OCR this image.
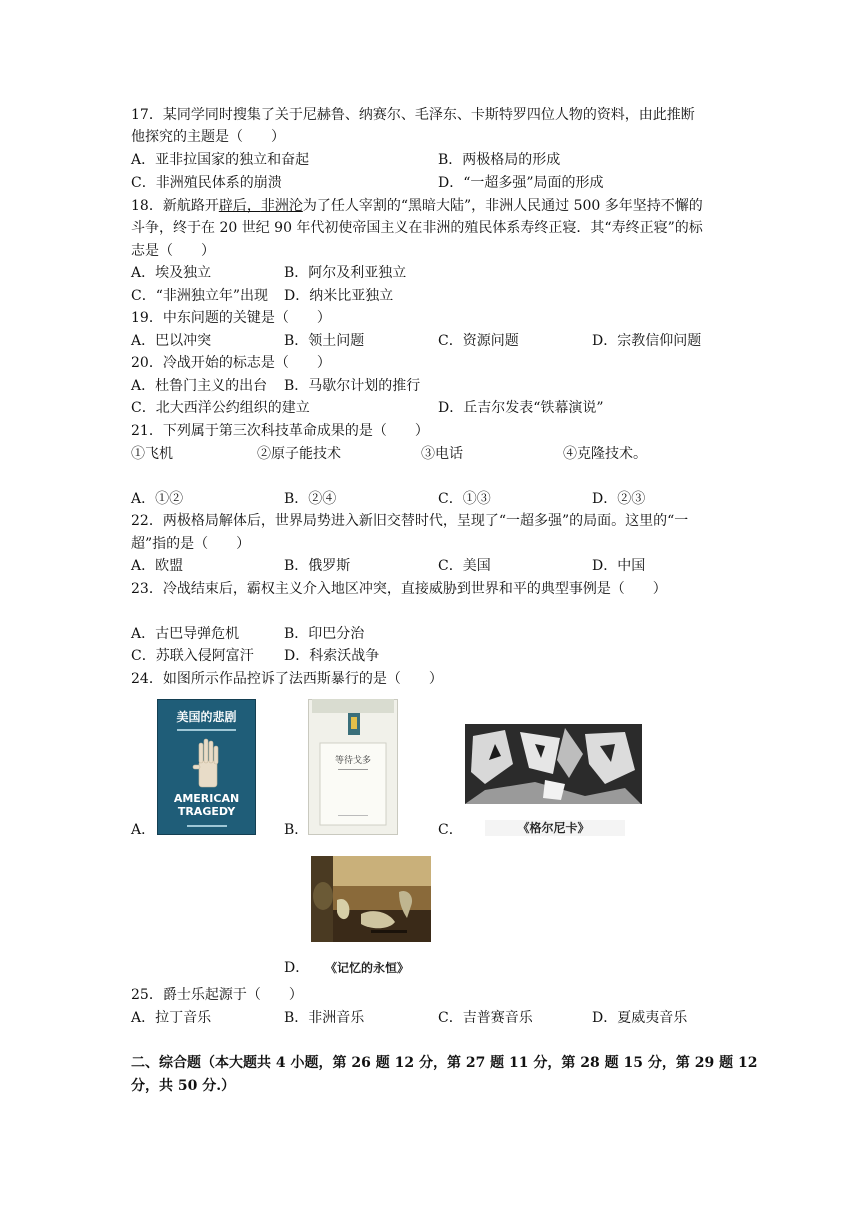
17．某同学同时搜集了关于尼赫鲁、纳赛尔、毛泽东、卡斯特罗四位人物的资料，由此推断
他探究的主题是（　　）
A．亚非拉国家的独立和奋起	B．两极格局的形成
C．非洲殖民体系的崩溃	D．“一超多强”局面的形成
18．新航路开辟后，非洲沦为了任人宰割的“黑暗大陆”，非洲人民通过 500 多年坚持不懈的
斗争，终于在 20 世纪 90 年代初使帝国主义在非洲的殖民体系寿终正寝．其“寿终正寝”的标
志是（　　）
A．埃及独立	B．阿尔及利亚独立
C．“非洲独立年”出现 D．纳米比亚独立
19．中东问题的关键是（　　）
A．巴以冲突	B．领土问题	C．资源问题	D．宗教信仰问题
20．冷战开始的标志是（　　）
A．杜鲁门主义的出台 B．马歇尔计划的推行
C．北大西洋公约组织的建立	D．丘吉尔发表“铁幕演说”
21．下列属于第三次科技革命成果的是（　　）
①飞机	②原子能技术	③电话	④克隆技术。
A．①②	B．②④	C．①③	D．②③
22．两极格局解体后，世界局势进入新旧交替时代，呈现了“一超多强”的局面。这里的“一
超”指的是（　　）
A．欧盟	B．俄罗斯	C．美国	D．中国
23．冷战结束后，霸权主义介入地区冲突，直接威胁到世界和平的典型事例是（　　）
A．古巴导弹危机	B．印巴分治
C．苏联入侵阿富汗 D．科索沃战争
24．如图所示作品控诉了法西斯暴行的是（　　）
A．
美国的悲剧
AMERICAN
TRAGEDY
B．
等待戈多
C．	《格尔尼卡》
D． 《记忆的永恒》
25．爵士乐起源于（　　）
A．拉丁音乐	B．非洲音乐	C．吉普赛音乐	D．夏威夷音乐
二、综合题（本大题共 4 小题，第 26 题 12 分，第 27 题 11 分，第 28 题 15 分，第 29 题 12
分，共 50 分.）
